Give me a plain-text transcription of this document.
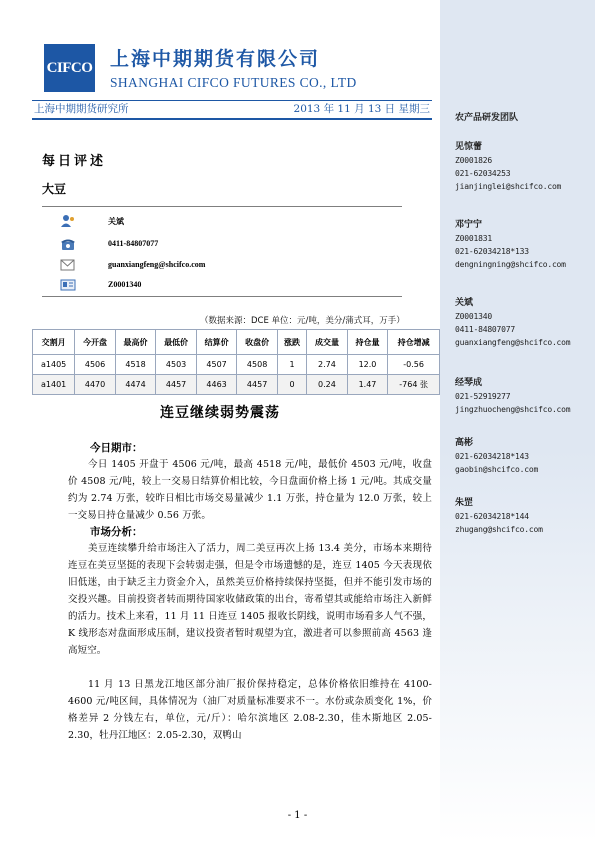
CIFCO 上海中期期货有限公司
SHANGHAI CIFCO FUTURES CO., LTD
上海中期期货研究所	2013 年 11 月 13 日 星期三
农产品研发团队
见惊蕾
Z0001826
021-62034253
jianjinglei@shcifco.com
邓宁宁
Z0001831
021-62034218*133
dengningning@shcifco.com
关斌
Z0001340
0411-84807077
guanxiangfeng@shcifco.com
经琴成
021-52919277
jingzhuocheng@shcifco.com
高彬
021-62034218*143
gaobin@shcifco.com
朱罡
021-62034218*144
zhugang@shcifco.com
每日评述
大豆
关斌
0411-84807077
guanxiangfeng@shcifco.com
Z0001340
（数据来源：DCE 单位：元/吨，美分/蒲式耳，万手）
交割月	今开盘	最高价	最低价	结算价	收盘价	涨跌	成交量	持仓量	持仓增减
a1405	4506	4518	4503	4507	4508	1	2.74	12.0	-0.56
a1401	4470	4474	4457	4463	4457	0	0.24	1.47	-764 张
连豆继续弱势震荡
今日期市：
今日 1405 开盘于 4506 元/吨，最高 4518 元/吨，最低价 4503 元/吨，收盘价 4508 元/吨，较上一交易日结算价相比较，今日盘面价格上扬 1 元/吨。其成交量约为 2.74 万张，较昨日相比市场交易量减少 1.1 万张，持仓量为 12.0 万张，较上一交易日持仓量减少 0.56 万张。
市场分析：
美豆连续攀升给市场注入了活力，周二美豆再次上扬 13.4 美分，市场本来期待连豆在美豆坚挺的表现下会转弱走强，但是令市场遗憾的是，连豆 1405 今天表现依旧低迷，由于缺乏主力资金介入，虽然美豆价格持续保持坚挺，但并不能引发市场的交投兴趣。目前投资者转而期待国家收储政策的出台，寄希望其或能给市场注入新鲜的活力。技术上来看，11 月 11 日连豆 1405 报收长阴线，说明市场看多人气不强，K 线形态对盘面形成压制，建议投资者暂时观望为宜，激进者可以参照前高 4563 逢高短空。
11 月 13 日黑龙江地区部分油厂报价保持稳定，总体价格依旧维持在 4100-4600 元/吨区间，具体情况为（油厂对质量标准要求不一。水份或杂质变化 1%，价格差异 2 分钱左右，单位，元/斤）：哈尔滨地区 2.08-2.30，佳木斯地区 2.05-2.30，牡丹江地区：2.05-2.30，双鸭山
- 1 -
